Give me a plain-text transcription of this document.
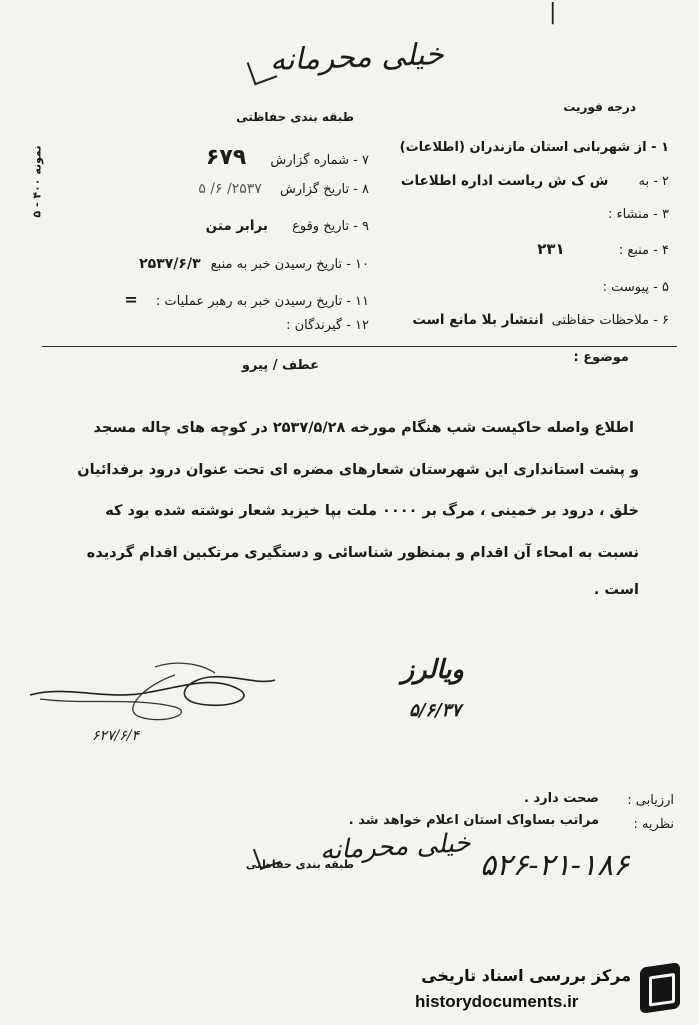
|
خیلی محرمانه
نمونه ۴۰۰ - ۵
طبقه بندی حفاظتی
درجه فوریت
۱ - از شهربانی استان مازندران (اطلاعات)
۲ - به ش ک ش ریاست اداره اطلاعات
۳ - منشاء :
۴ - منبع : ۲۳۱
۵ - پیوست :
۶ - ملاحظات حفاظتی انتشار بلا مانع است
۷ - شماره گزارش ۶۷۹
۸ - تاریخ گزارش ۲۵۳۷/ ۶/ ۵
۹ - تاریخ وقوع برابر متن
۱۰ - تاریخ رسیدن خبر به منبع ۲۵۳۷/۶/۳
۱۱ - تاریخ رسیدن خبر به رهبر عملیات : =
۱۲ - گیرندگان :
موضوع :
عطف / پیرو
اطلاع واصله حاکیست شب هنگام مورخه ۲۵۳۷/۵/۲۸ در کوچه های چاله مسجد
و پشت استانداری این شهرستان شعارهای مضره ای تحت عنوان درود برفدائیان
خلق ، درود بر خمینی ، مرگ بر ۰۰۰۰ ملت بپا خیزید شعار نوشته شده بود که
نسبت به امحاء آن اقدام و بمنظور شناسائی و دستگیری مرتکبین اقدام گردیده
است .
۶۲۷/۶/۴
ویالرز
۵/۶/۳۷
ارزیابی :
صحت دارد .
نظریه :
مراتب بساواک استان اعلام خواهد شد .
خیلی محرمانه
طبقه بندی حفاظتی	۵۲۶-۲۱-۱۸۶
مرکز بررسی اسناد تاریخی
historydocuments.ir
